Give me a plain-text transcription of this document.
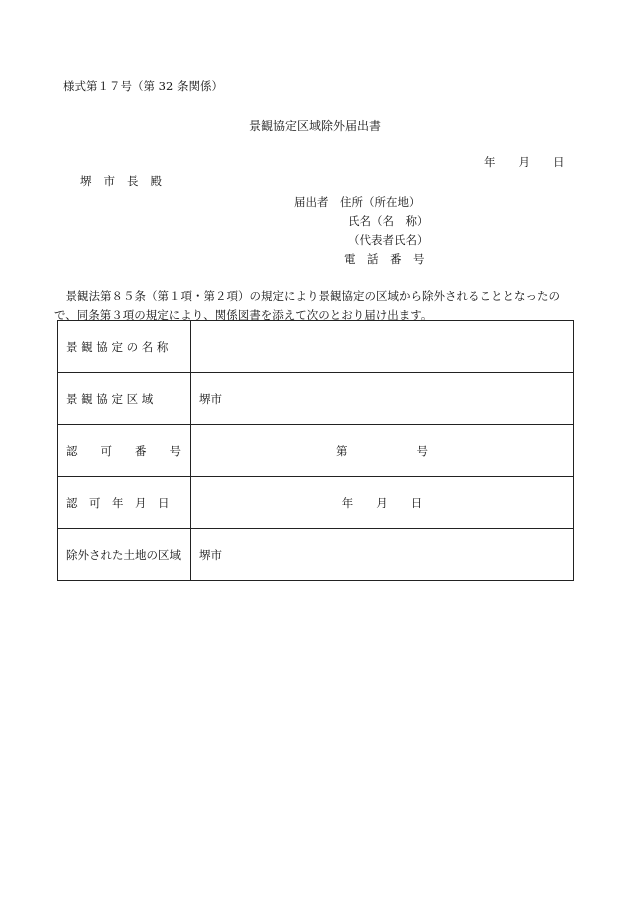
様式第１７号（第 32 条関係）
景観協定区域除外届出書
年　　月　　日
堺市長殿
届出者　住所（所在地）
氏名（名　称）
（代表者氏名）
電　話　番　号
　景観法第８５条（第１項・第２項）の規定により景観協定の区域から除外されることとなったので、同条第３項の規定により、関係図書を添えて次のとおり届け出ます。
景 観 協 定 の 名 称	
景 観 協 定 区 域	堺市
認　　可　　番　　号	第　　　　　　号
認　可　年　月　日	年　　月　　日
除外された土地の区域	堺市
